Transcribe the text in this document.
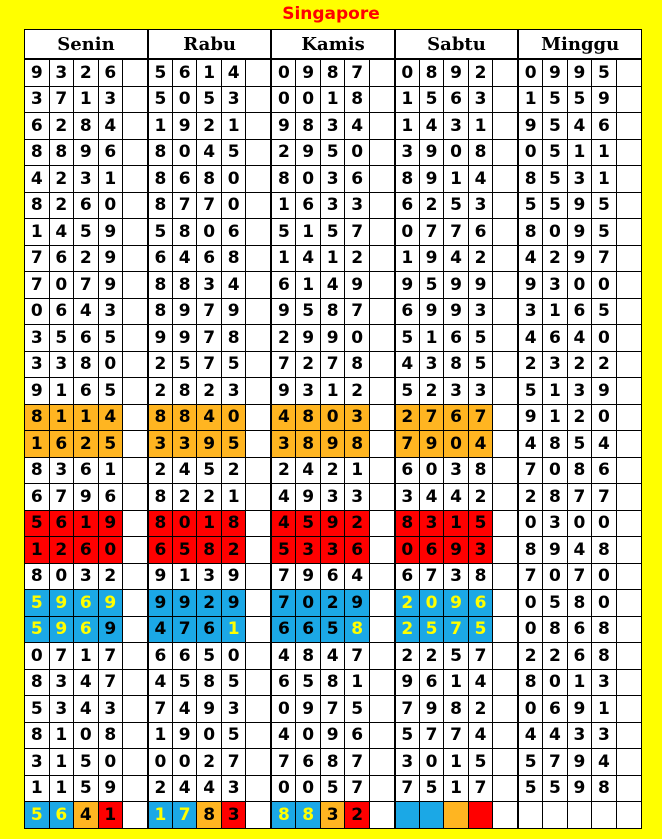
Singapore
Senin					Rabu					Kamis					Sabtu					Minggu				
9	3	2	6		5	6	1	4		0	9	8	7		0	8	9	2		0	9	9	5	
3	7	1	3		5	0	5	3		0	0	1	8		1	5	6	3		1	5	5	9	
6	2	8	4		1	9	2	1		9	8	3	4		1	4	3	1		9	5	4	6	
8	8	9	6		8	0	4	5		2	9	5	0		3	9	0	8		0	5	1	1	
4	2	3	1		8	6	8	0		8	0	3	6		8	9	1	4		8	5	3	1	
8	2	6	0		8	7	7	0		1	6	3	3		6	2	5	3		5	5	9	5	
1	4	5	9		5	8	0	6		5	1	5	7		0	7	7	6		8	0	9	5	
7	6	2	9		6	4	6	8		1	4	1	2		1	9	4	2		4	2	9	7	
7	0	7	9		8	8	3	4		6	1	4	9		9	5	9	9		9	3	0	0	
0	6	4	3		8	9	7	9		9	5	8	7		6	9	9	3		3	1	6	5	
3	5	6	5		9	9	7	8		2	9	9	0		5	1	6	5		4	6	4	0	
3	3	8	0		2	5	7	5		7	2	7	8		4	3	8	5		2	3	2	2	
9	1	6	5		2	8	2	3		9	3	1	2		5	2	3	3		5	1	3	9	
8	1	1	4		8	8	4	0		4	8	0	3		2	7	6	7		9	1	2	0	
1	6	2	5		3	3	9	5		3	8	9	8		7	9	0	4		4	8	5	4	
8	3	6	1		2	4	5	2		2	4	2	1		6	0	3	8		7	0	8	6	
6	7	9	6		8	2	2	1		4	9	3	3		3	4	4	2		2	8	7	7	
5	6	1	9		8	0	1	8		4	5	9	2		8	3	1	5		0	3	0	0	
1	2	6	0		6	5	8	2		5	3	3	6		0	6	9	3		8	9	4	8	
8	0	3	2		9	1	3	9		7	9	6	4		6	7	3	8		7	0	7	0	
5	9	6	9		9	9	2	9		7	0	2	9		2	0	9	6		0	5	8	0	
5	9	6	9		4	7	6	1		6	6	5	8		2	5	7	5		0	8	6	8	
0	7	1	7		6	6	5	0		4	8	4	7		2	2	5	7		2	2	6	8	
8	3	4	7		4	5	8	5		6	5	8	1		9	6	1	4		8	0	1	3	
5	3	4	3		7	4	9	3		0	9	7	5		7	9	8	2		0	6	9	1	
8	1	0	8		1	9	0	5		4	0	9	6		5	7	7	4		4	4	3	3	
3	1	5	0		0	0	2	7		7	6	8	7		3	0	1	5		5	7	9	4	
1	1	5	9		2	4	4	3		0	0	5	7		7	5	1	7		5	5	9	8	
5	6	4	1		1	7	8	3		8	8	3	2											
